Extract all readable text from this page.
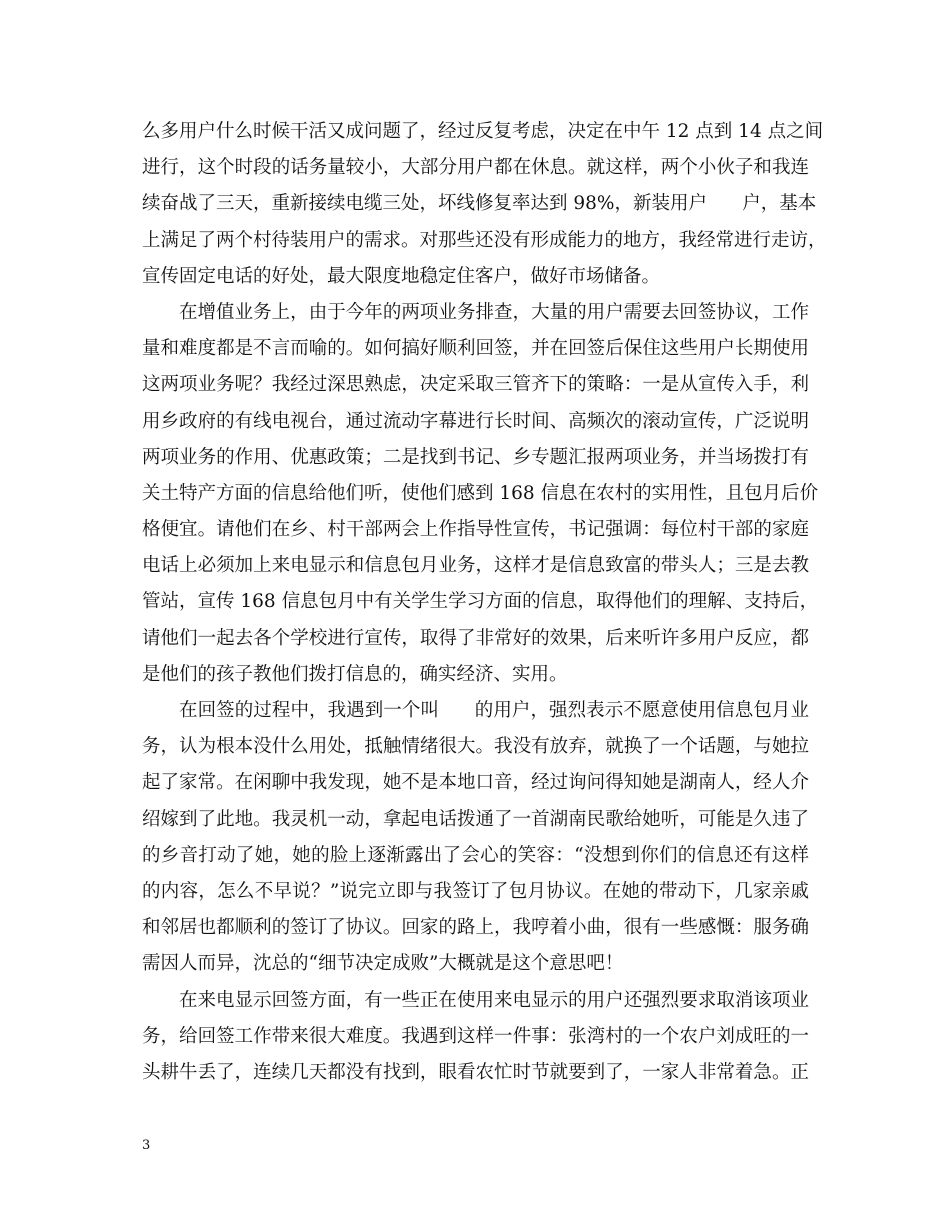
么多用户什么时候干活又成问题了，经过反复考虑，决定在中午 12 点到 14 点之间
进行，这个时段的话务量较小，大部分用户都在休息。就这样，两个小伙子和我连
续奋战了三天，重新接续电缆三处，坏线修复率达到 98%，新装用户      户，基本
上满足了两个村待装用户的需求。对那些还没有形成能力的地方，我经常进行走访，
宣传固定电话的好处，最大限度地稳定住客户，做好市场储备。
在增值业务上，由于今年的两项业务排查，大量的用户需要去回签协议，工作
量和难度都是不言而喻的。如何搞好顺利回签，并在回签后保住这些用户长期使用
这两项业务呢？我经过深思熟虑，决定采取三管齐下的策略：一是从宣传入手，利
用乡政府的有线电视台，通过流动字幕进行长时间、高频次的滚动宣传，广泛说明
两项业务的作用、优惠政策；二是找到书记、乡专题汇报两项业务，并当场拨打有
关土特产方面的信息给他们听，使他们感到 168 信息在农村的实用性，且包月后价
格便宜。请他们在乡、村干部两会上作指导性宣传，书记强调：每位村干部的家庭
电话上必须加上来电显示和信息包月业务，这样才是信息致富的带头人；三是去教
管站，宣传 168 信息包月中有关学生学习方面的信息，取得他们的理解、支持后，
请他们一起去各个学校进行宣传，取得了非常好的效果，后来听许多用户反应，都
是他们的孩子教他们拨打信息的，确实经济、实用。
在回签的过程中，我遇到一个叫      的用户，强烈表示不愿意使用信息包月业
务，认为根本没什么用处，抵触情绪很大。我没有放弃，就换了一个话题，与她拉
起了家常。在闲聊中我发现，她不是本地口音，经过询问得知她是湖南人，经人介
绍嫁到了此地。我灵机一动，拿起电话拨通了一首湖南民歌给她听，可能是久违了
的乡音打动了她，她的脸上逐渐露出了会心的笑容：“没想到你们的信息还有这样
的内容，怎么不早说？”说完立即与我签订了包月协议。在她的带动下，几家亲戚
和邻居也都顺利的签订了协议。回家的路上，我哼着小曲，很有一些感慨：服务确
需因人而异，沈总的“细节决定成败”大概就是这个意思吧！
在来电显示回签方面，有一些正在使用来电显示的用户还强烈要求取消该项业
务，给回签工作带来很大难度。我遇到这样一件事：张湾村的一个农户刘成旺的一
头耕牛丢了，连续几天都没有找到，眼看农忙时节就要到了，一家人非常着急。正
3
